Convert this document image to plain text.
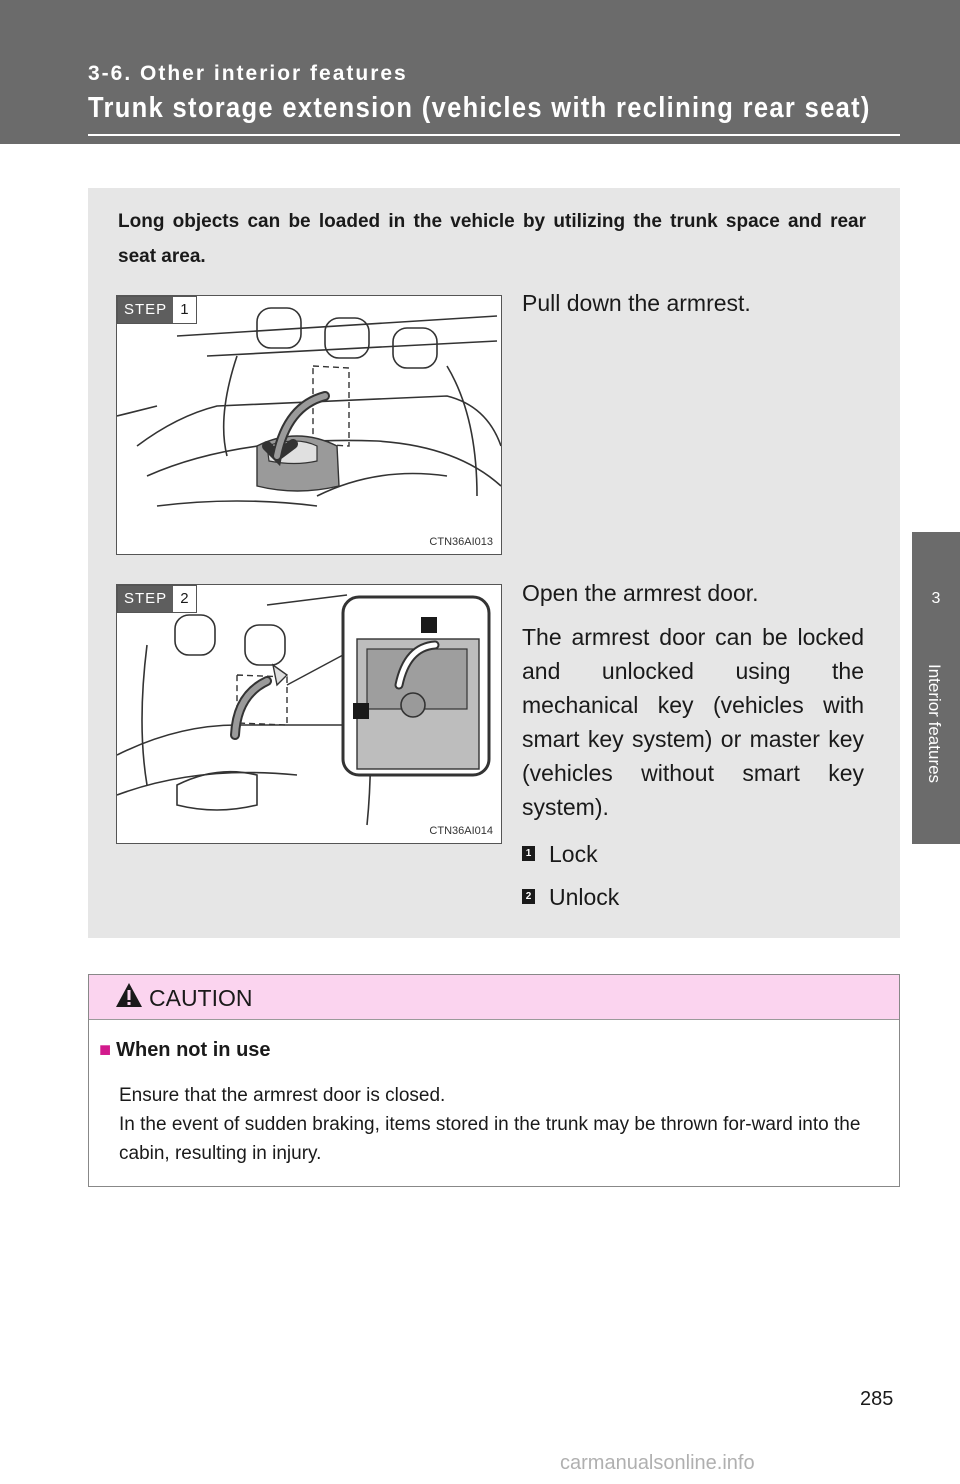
3-6. Other interior features
Trunk storage extension (vehicles with reclining rear seat)
3
Interior features
Long objects can be loaded in the vehicle by utilizing the trunk space and rear seat area.
STEP 1
CTN36AI013

Pull down the armrest.

STEP 2
CTN36AI014

Open the armrest door.

The armrest door can be locked and unlocked using the mechanical key (vehicles with smart key system) or master key (vehicles without smart key system).

1 Lock
2 Unlock
CAUTION
■ When not in use

Ensure that the armrest door is closed.

In the event of sudden braking, items stored in the trunk may be thrown for-ward into the cabin, resulting in injury.

285
carmanualsonline.info
